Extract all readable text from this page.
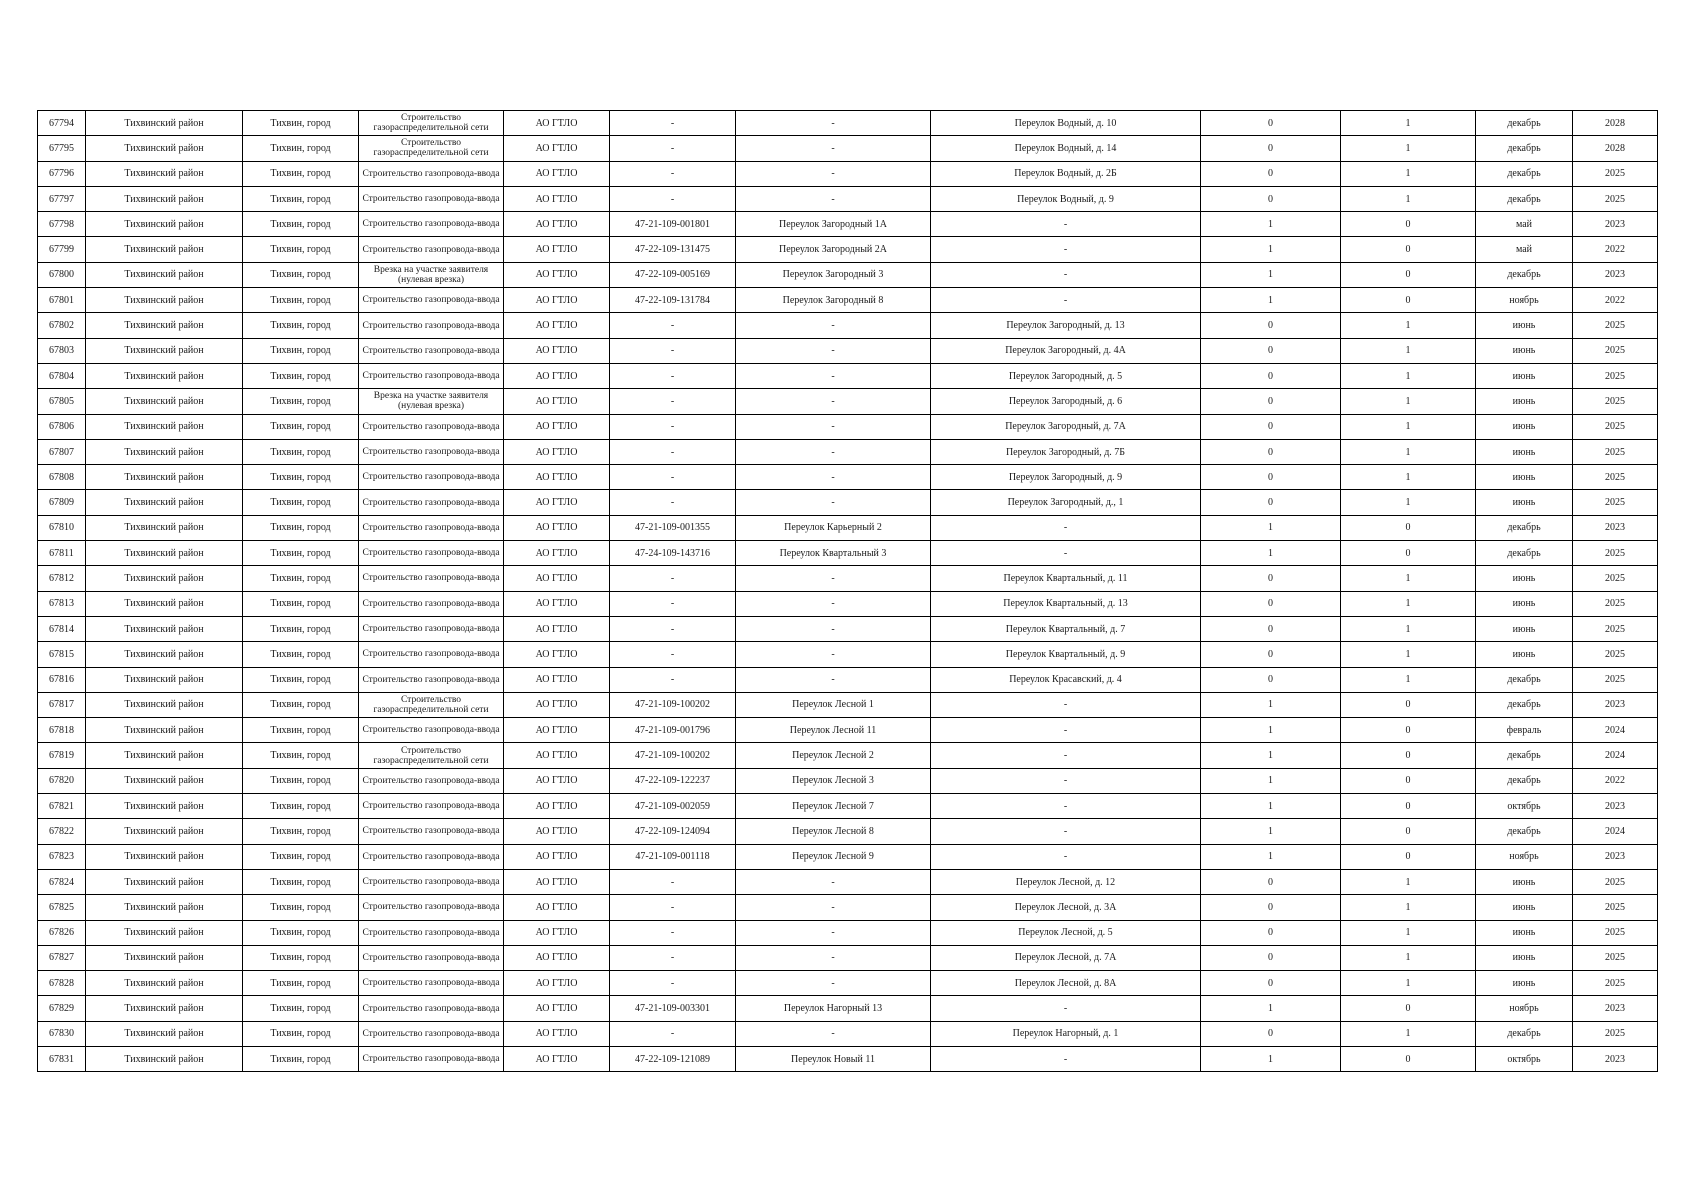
67794	Тихвинский район	Тихвин, город	Строительство газораспределительной сети	АО ГТЛО	-	-	Переулок Водный, д. 10	0	1	декабрь	2028
67795	Тихвинский район	Тихвин, город	Строительство газораспределительной сети	АО ГТЛО	-	-	Переулок Водный, д. 14	0	1	декабрь	2028
67796	Тихвинский район	Тихвин, город	Строительство газопровода-ввода	АО ГТЛО	-	-	Переулок Водный, д. 2Б	0	1	декабрь	2025
67797	Тихвинский район	Тихвин, город	Строительство газопровода-ввода	АО ГТЛО	-	-	Переулок Водный, д. 9	0	1	декабрь	2025
67798	Тихвинский район	Тихвин, город	Строительство газопровода-ввода	АО ГТЛО	47-21-109-001801	Переулок Загородный 1А	-	1	0	май	2023
67799	Тихвинский район	Тихвин, город	Строительство газопровода-ввода	АО ГТЛО	47-22-109-131475	Переулок Загородный 2А	-	1	0	май	2022
67800	Тихвинский район	Тихвин, город	Врезка на участке заявителя (нулевая врезка)	АО ГТЛО	47-22-109-005169	Переулок Загородный 3	-	1	0	декабрь	2023
67801	Тихвинский район	Тихвин, город	Строительство газопровода-ввода	АО ГТЛО	47-22-109-131784	Переулок Загородный 8	-	1	0	ноябрь	2022
67802	Тихвинский район	Тихвин, город	Строительство газопровода-ввода	АО ГТЛО	-	-	Переулок Загородный, д. 13	0	1	июнь	2025
67803	Тихвинский район	Тихвин, город	Строительство газопровода-ввода	АО ГТЛО	-	-	Переулок Загородный, д. 4А	0	1	июнь	2025
67804	Тихвинский район	Тихвин, город	Строительство газопровода-ввода	АО ГТЛО	-	-	Переулок Загородный, д. 5	0	1	июнь	2025
67805	Тихвинский район	Тихвин, город	Врезка на участке заявителя (нулевая врезка)	АО ГТЛО	-	-	Переулок Загородный, д. 6	0	1	июнь	2025
67806	Тихвинский район	Тихвин, город	Строительство газопровода-ввода	АО ГТЛО	-	-	Переулок Загородный, д. 7А	0	1	июнь	2025
67807	Тихвинский район	Тихвин, город	Строительство газопровода-ввода	АО ГТЛО	-	-	Переулок Загородный, д. 7Б	0	1	июнь	2025
67808	Тихвинский район	Тихвин, город	Строительство газопровода-ввода	АО ГТЛО	-	-	Переулок Загородный, д. 9	0	1	июнь	2025
67809	Тихвинский район	Тихвин, город	Строительство газопровода-ввода	АО ГТЛО	-	-	Переулок Загородный, д., 1	0	1	июнь	2025
67810	Тихвинский район	Тихвин, город	Строительство газопровода-ввода	АО ГТЛО	47-21-109-001355	Переулок Карьерный 2	-	1	0	декабрь	2023
67811	Тихвинский район	Тихвин, город	Строительство газопровода-ввода	АО ГТЛО	47-24-109-143716	Переулок Квартальный 3	-	1	0	декабрь	2025
67812	Тихвинский район	Тихвин, город	Строительство газопровода-ввода	АО ГТЛО	-	-	Переулок Квартальный, д. 11	0	1	июнь	2025
67813	Тихвинский район	Тихвин, город	Строительство газопровода-ввода	АО ГТЛО	-	-	Переулок Квартальный, д. 13	0	1	июнь	2025
67814	Тихвинский район	Тихвин, город	Строительство газопровода-ввода	АО ГТЛО	-	-	Переулок Квартальный, д. 7	0	1	июнь	2025
67815	Тихвинский район	Тихвин, город	Строительство газопровода-ввода	АО ГТЛО	-	-	Переулок Квартальный, д. 9	0	1	июнь	2025
67816	Тихвинский район	Тихвин, город	Строительство газопровода-ввода	АО ГТЛО	-	-	Переулок Красавский, д. 4	0	1	декабрь	2025
67817	Тихвинский район	Тихвин, город	Строительство газораспределительной сети	АО ГТЛО	47-21-109-100202	Переулок Лесной 1	-	1	0	декабрь	2023
67818	Тихвинский район	Тихвин, город	Строительство газопровода-ввода	АО ГТЛО	47-21-109-001796	Переулок Лесной 11	-	1	0	февраль	2024
67819	Тихвинский район	Тихвин, город	Строительство газораспределительной сети	АО ГТЛО	47-21-109-100202	Переулок Лесной 2	-	1	0	декабрь	2024
67820	Тихвинский район	Тихвин, город	Строительство газопровода-ввода	АО ГТЛО	47-22-109-122237	Переулок Лесной 3	-	1	0	декабрь	2022
67821	Тихвинский район	Тихвин, город	Строительство газопровода-ввода	АО ГТЛО	47-21-109-002059	Переулок Лесной 7	-	1	0	октябрь	2023
67822	Тихвинский район	Тихвин, город	Строительство газопровода-ввода	АО ГТЛО	47-22-109-124094	Переулок Лесной 8	-	1	0	декабрь	2024
67823	Тихвинский район	Тихвин, город	Строительство газопровода-ввода	АО ГТЛО	47-21-109-001118	Переулок Лесной 9	-	1	0	ноябрь	2023
67824	Тихвинский район	Тихвин, город	Строительство газопровода-ввода	АО ГТЛО	-	-	Переулок Лесной, д. 12	0	1	июнь	2025
67825	Тихвинский район	Тихвин, город	Строительство газопровода-ввода	АО ГТЛО	-	-	Переулок Лесной, д. 3А	0	1	июнь	2025
67826	Тихвинский район	Тихвин, город	Строительство газопровода-ввода	АО ГТЛО	-	-	Переулок Лесной, д. 5	0	1	июнь	2025
67827	Тихвинский район	Тихвин, город	Строительство газопровода-ввода	АО ГТЛО	-	-	Переулок Лесной, д. 7А	0	1	июнь	2025
67828	Тихвинский район	Тихвин, город	Строительство газопровода-ввода	АО ГТЛО	-	-	Переулок Лесной, д. 8А	0	1	июнь	2025
67829	Тихвинский район	Тихвин, город	Строительство газопровода-ввода	АО ГТЛО	47-21-109-003301	Переулок Нагорный 13	-	1	0	ноябрь	2023
67830	Тихвинский район	Тихвин, город	Строительство газопровода-ввода	АО ГТЛО	-	-	Переулок Нагорный, д. 1	0	1	декабрь	2025
67831	Тихвинский район	Тихвин, город	Строительство газопровода-ввода	АО ГТЛО	47-22-109-121089	Переулок Новый 11	-	1	0	октябрь	2023
